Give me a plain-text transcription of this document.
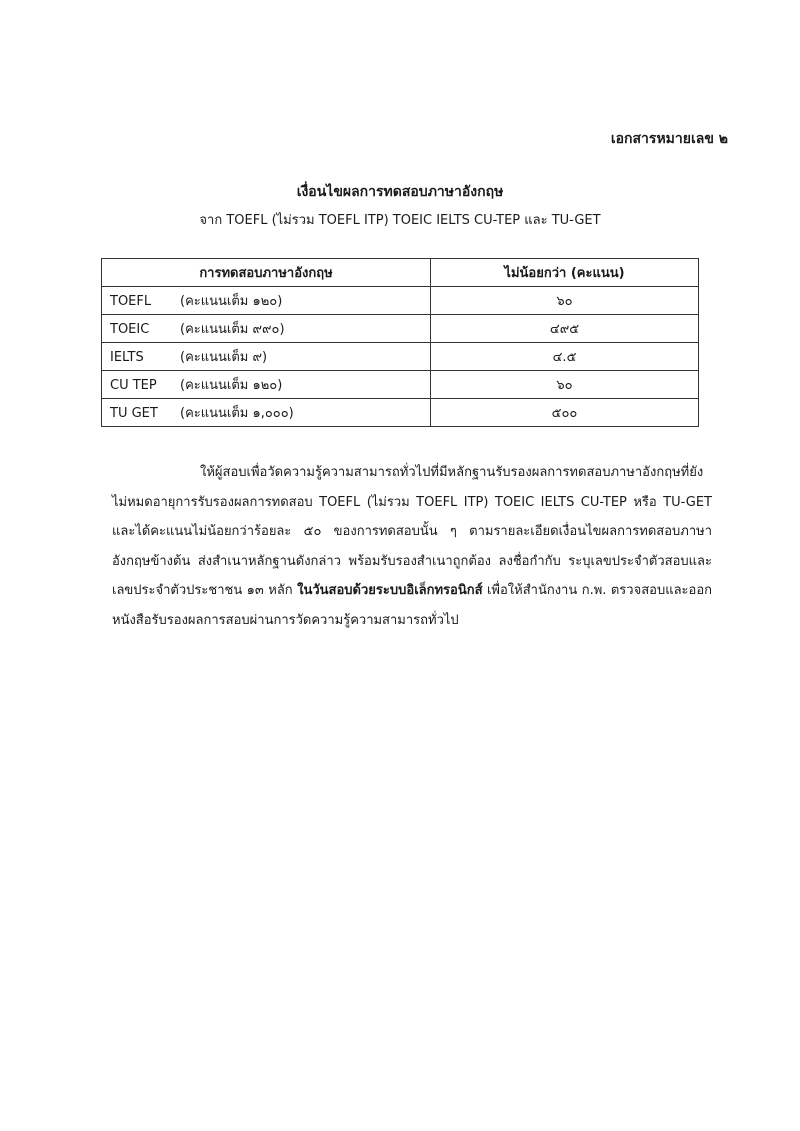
เอกสารหมายเลข ๒
เงื่อนไขผลการทดสอบภาษาอังกฤษ
จาก TOEFL (ไม่รวม TOEFL ITP) TOEIC IELTS CU-TEP และ TU-GET
การทดสอบภาษาอังกฤษ	ไม่น้อยกว่า (คะแนน)
TOEFL (คะแนนเต็ม ๑๒๐)	๖๐
TOEIC (คะแนนเต็ม ๙๙๐)	๔๙๕
IELTS (คะแนนเต็ม ๙)	๔.๕
CU TEP (คะแนนเต็ม ๑๒๐)	๖๐
TU GET (คะแนนเต็ม ๑,๐๐๐)	๕๐๐

ให้ผู้สอบเพื่อวัดความรู้ความสามารถทั่วไปที่มีหลักฐานรับรองผลการทดสอบภาษาอังกฤษที่ยังไม่หมดอายุการรับรองผลการทดสอบ TOEFL (ไม่รวม TOEFL ITP) TOEIC IELTS CU-TEP หรือ TU-GET และได้คะแนนไม่น้อยกว่าร้อยละ ๕๐ ของการทดสอบนั้น ๆ ตามรายละเอียดเงื่อนไขผลการทดสอบภาษาอังกฤษข้างต้น ส่งสำเนาหลักฐานดังกล่าว พร้อมรับรองสำเนาถูกต้อง ลงชื่อกำกับ ระบุเลขประจำตัวสอบและเลขประจำตัวประชาชน ๑๓ หลัก ในวันสอบด้วยระบบอิเล็กทรอนิกส์ เพื่อให้สำนักงาน ก.พ. ตรวจสอบและออกหนังสือรับรองผลการสอบผ่านการวัดความรู้ความสามารถทั่วไป
